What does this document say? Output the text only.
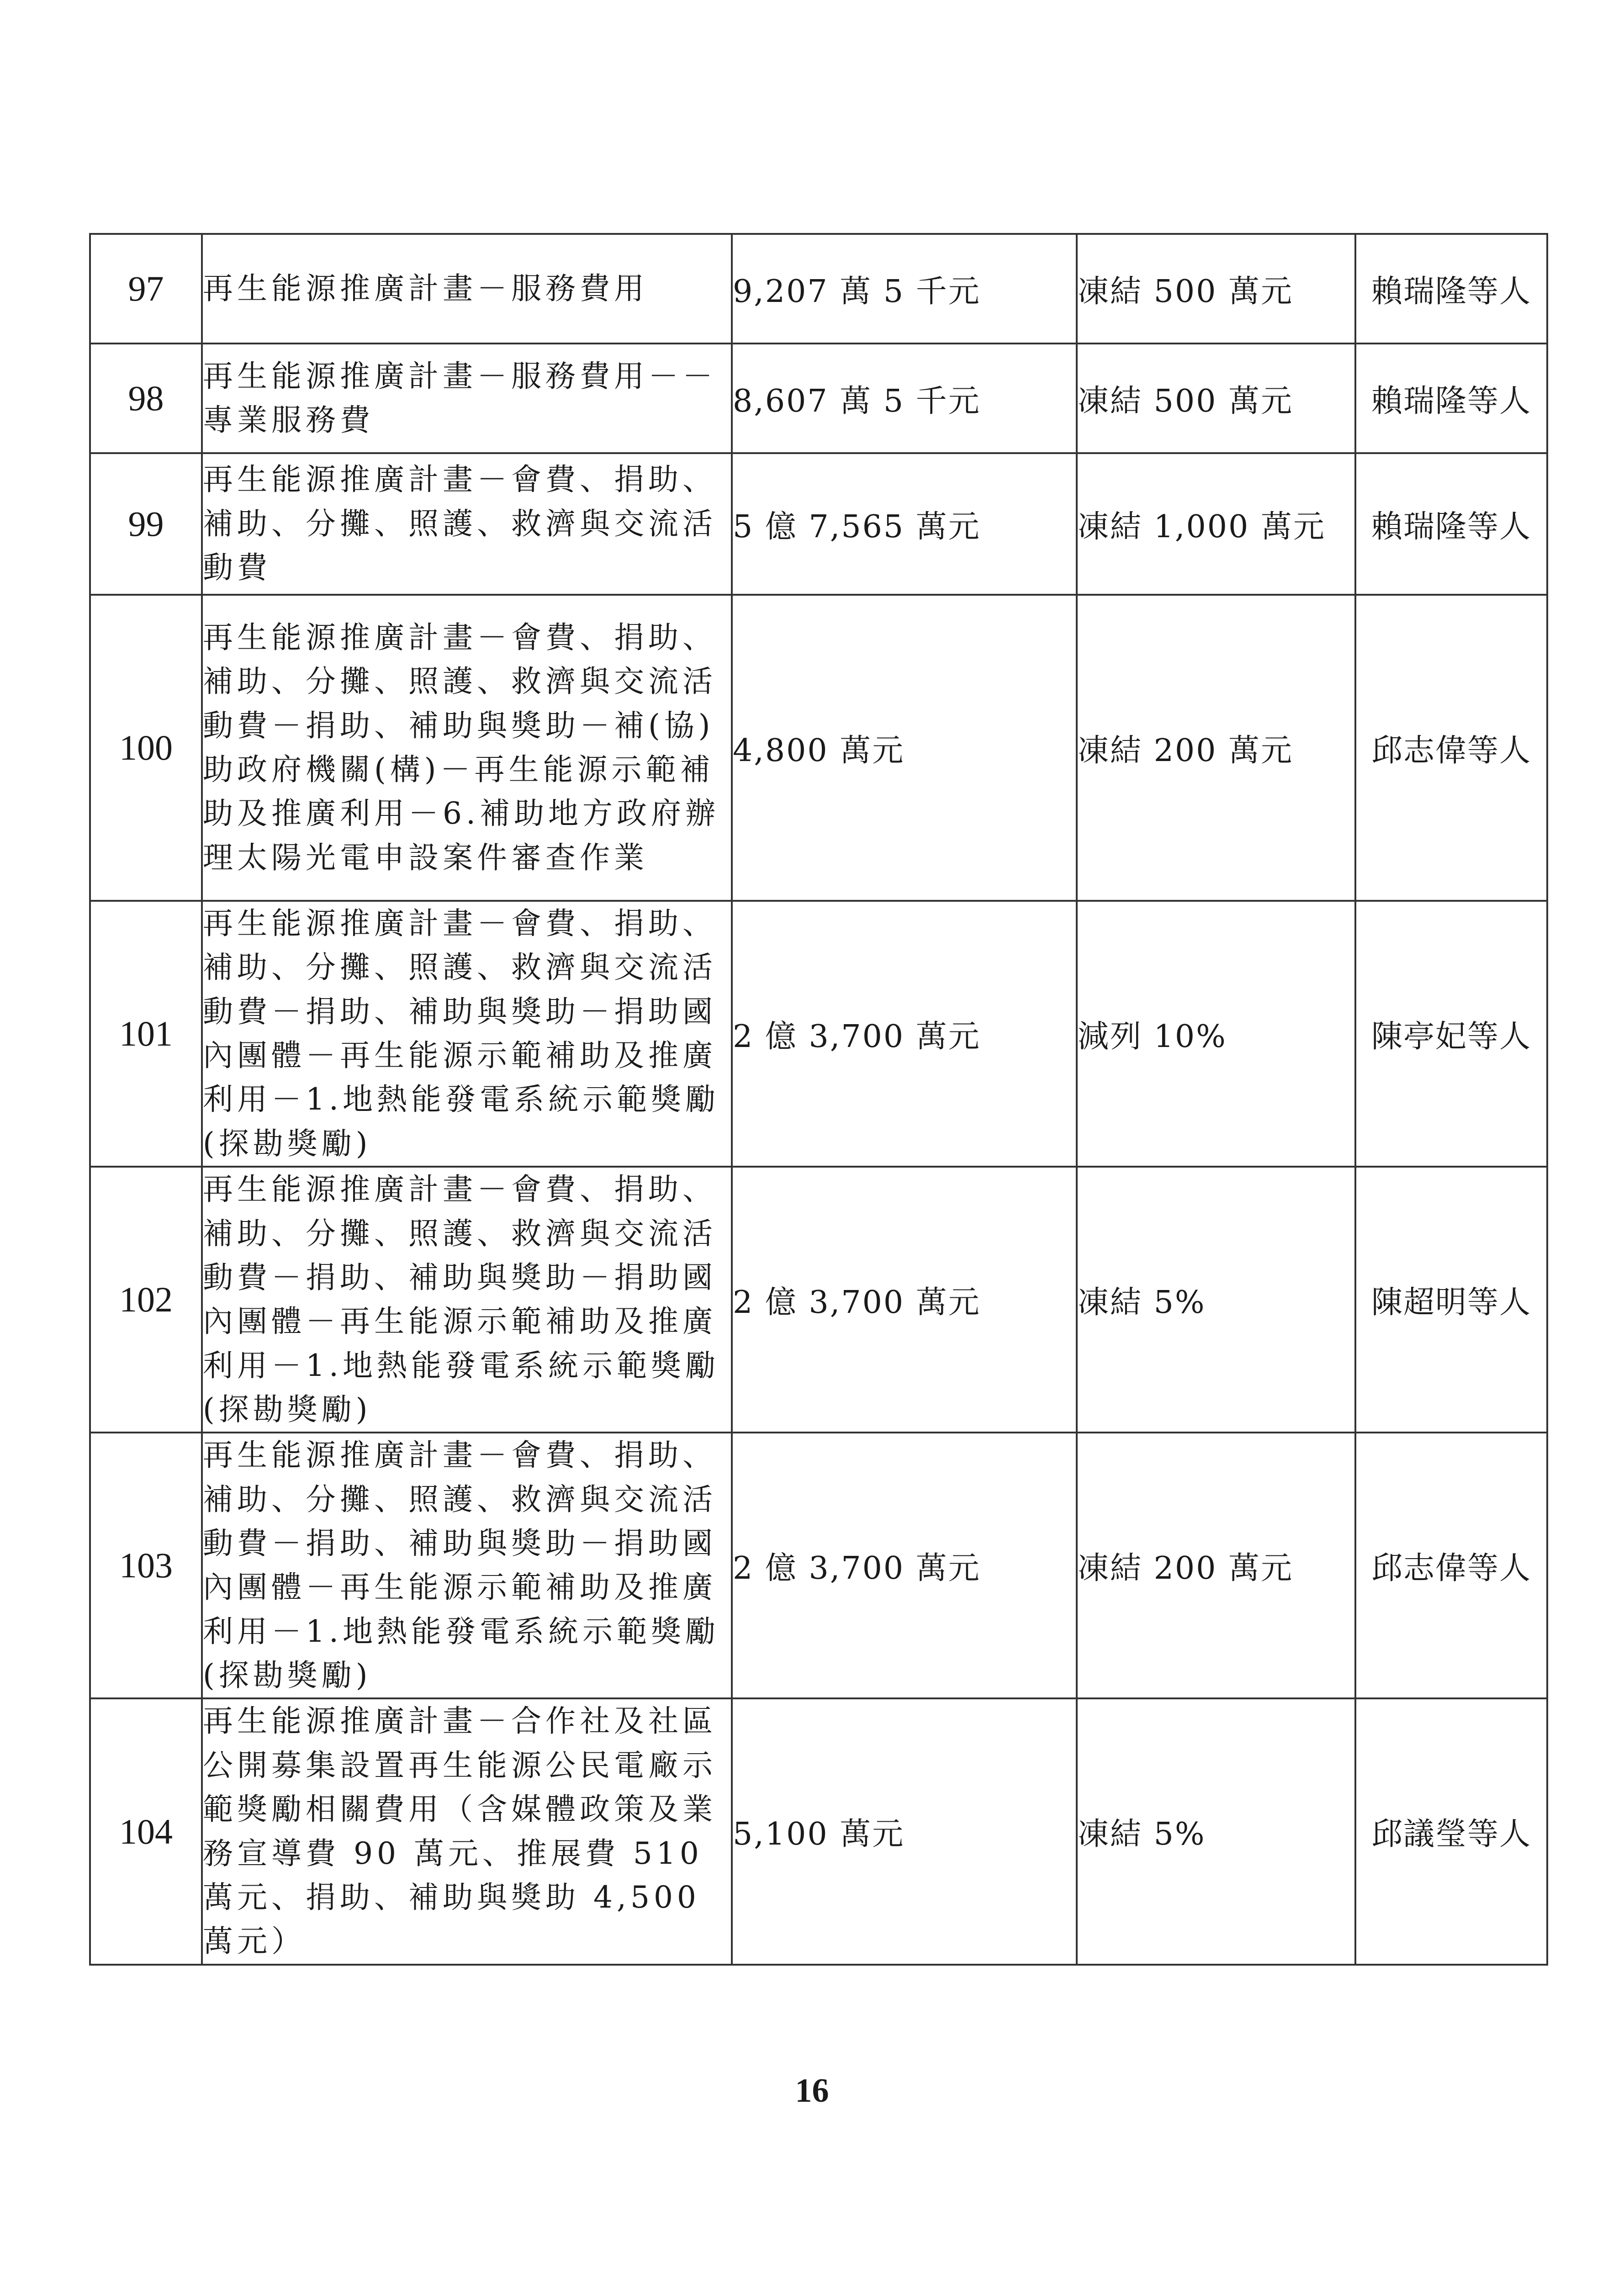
97	再生能源推廣計畫－服務費用	9,207 萬 5 千元	凍結 500 萬元	賴瑞隆等人
98	再生能源推廣計畫－服務費用－－專業服務費	8,607 萬 5 千元	凍結 500 萬元	賴瑞隆等人
99	再生能源推廣計畫－會費、捐助、補助、分攤、照護、救濟與交流活動費	5 億 7,565 萬元	凍結 1,000 萬元	賴瑞隆等人
100	再生能源推廣計畫－會費、捐助、補助、分攤、照護、救濟與交流活動費－捐助、補助與獎助－補(協)助政府機關(構)－再生能源示範補助及推廣利用－6.補助地方政府辦理太陽光電申設案件審查作業	4,800 萬元	凍結 200 萬元	邱志偉等人
101	再生能源推廣計畫－會費、捐助、補助、分攤、照護、救濟與交流活動費－捐助、補助與獎助－捐助國內團體－再生能源示範補助及推廣利用－1.地熱能發電系統示範獎勵(探勘獎勵)	2 億 3,700 萬元	減列 10%	陳亭妃等人
102	再生能源推廣計畫－會費、捐助、補助、分攤、照護、救濟與交流活動費－捐助、補助與獎助－捐助國內團體－再生能源示範補助及推廣利用－1.地熱能發電系統示範獎勵(探勘獎勵)	2 億 3,700 萬元	凍結 5%	陳超明等人
103	再生能源推廣計畫－會費、捐助、補助、分攤、照護、救濟與交流活動費－捐助、補助與獎助－捐助國內團體－再生能源示範補助及推廣利用－1.地熱能發電系統示範獎勵(探勘獎勵)	2 億 3,700 萬元	凍結 200 萬元	邱志偉等人
104	再生能源推廣計畫－合作社及社區公開募集設置再生能源公民電廠示範獎勵相關費用（含媒體政策及業務宣導費 90 萬元、推展費 510 萬元、捐助、補助與獎助 4,500 萬元）	5,100 萬元	凍結 5%	邱議瑩等人
16
